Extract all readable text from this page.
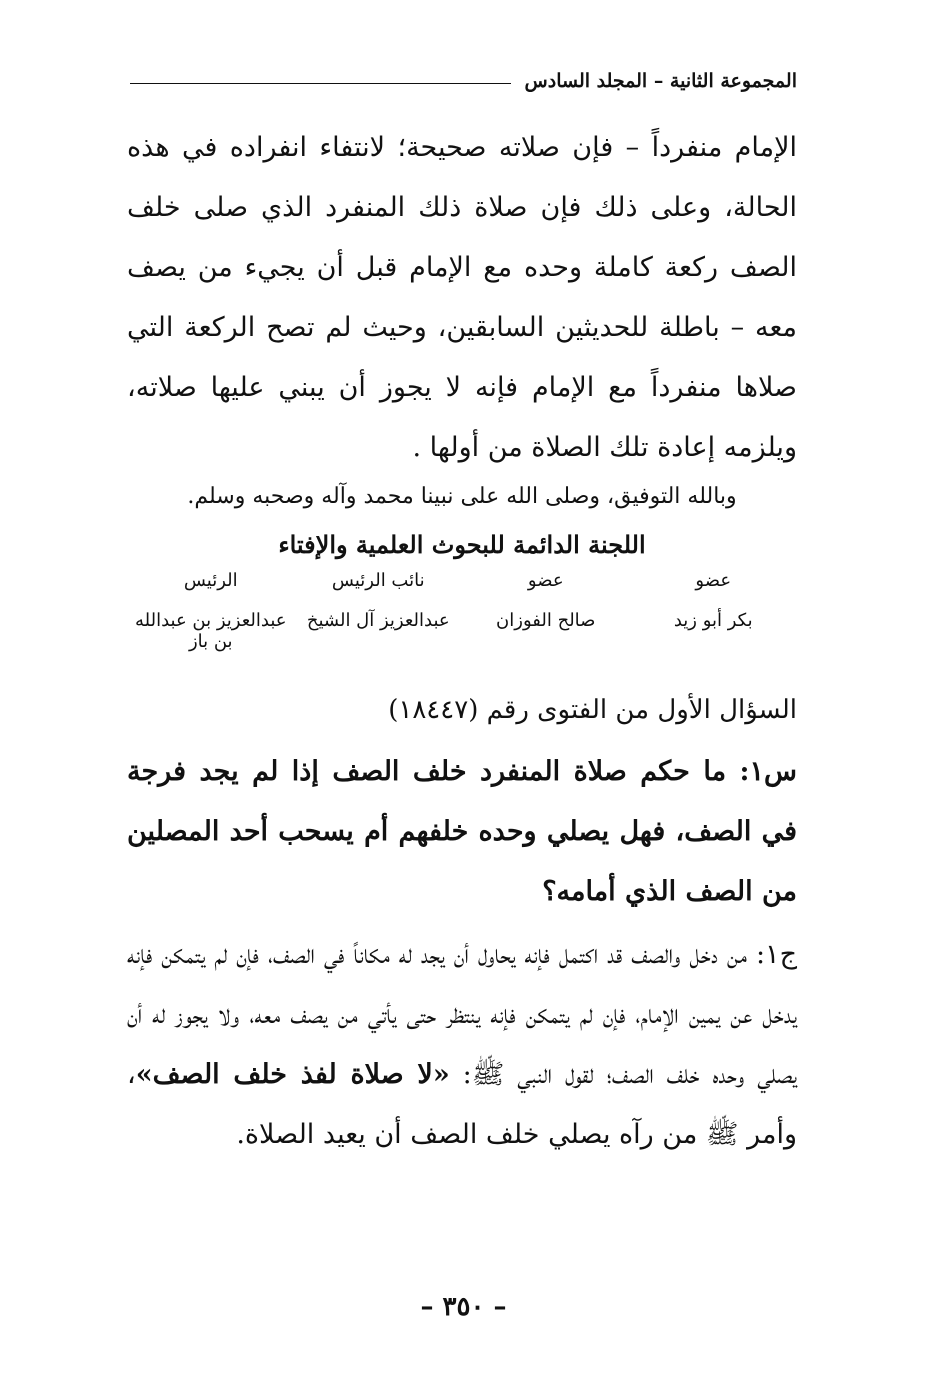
المجموعة الثانية – المجلد السادس
الإمام منفرداً – فإن صلاته صحيحة؛ لانتفاء انفراده في هذه الحالة، وعلى ذلك فإن صلاة ذلك المنفرد الذي صلى خلف الصف ركعة كاملة وحده مع الإمام قبل أن يجيء من يصف معه – باطلة للحديثين السابقين، وحيث لم تصح الركعة التي صلاها منفرداً مع الإمام فإنه لا يجوز أن يبني عليها صلاته، ويلزمه إعادة تلك الصلاة من أولها .
وبالله التوفيق، وصلى الله على نبينا محمد وآله وصحبه وسلم.
اللجنة الدائمة للبحوث العلمية والإفتاء
عضو
عضو
نائب الرئيس
الرئيس
بكر أبو زيد
صالح الفوزان
عبدالعزيز آل الشيخ
عبدالعزيز بن عبدالله بن باز
السؤال الأول من الفتوى رقم (١٨٤٤٧)
س١: ما حكم صلاة المنفرد خلف الصف إذا لم يجد فرجة في الصف، فهل يصلي وحده خلفهم أم يسحب أحد المصلين من الصف الذي أمامه؟
ج١: من دخل والصف قد اكتمل فإنه يحاول أن يجد له مكاناً في الصف، فإن لم يتمكن فإنه يدخل عن يمين الإمام، فإن لم يتمكن فإنه ينتظر حتى يأتي من يصف معه، ولا يجوز له أن يصلي وحده خلف الصف؛ لقول النبي ﷺ: «لا صلاة لفذ خلف الصف»، وأمر ﷺ من رآه يصلي خلف الصف أن يعيد الصلاة.
– ٣٥٠ –
